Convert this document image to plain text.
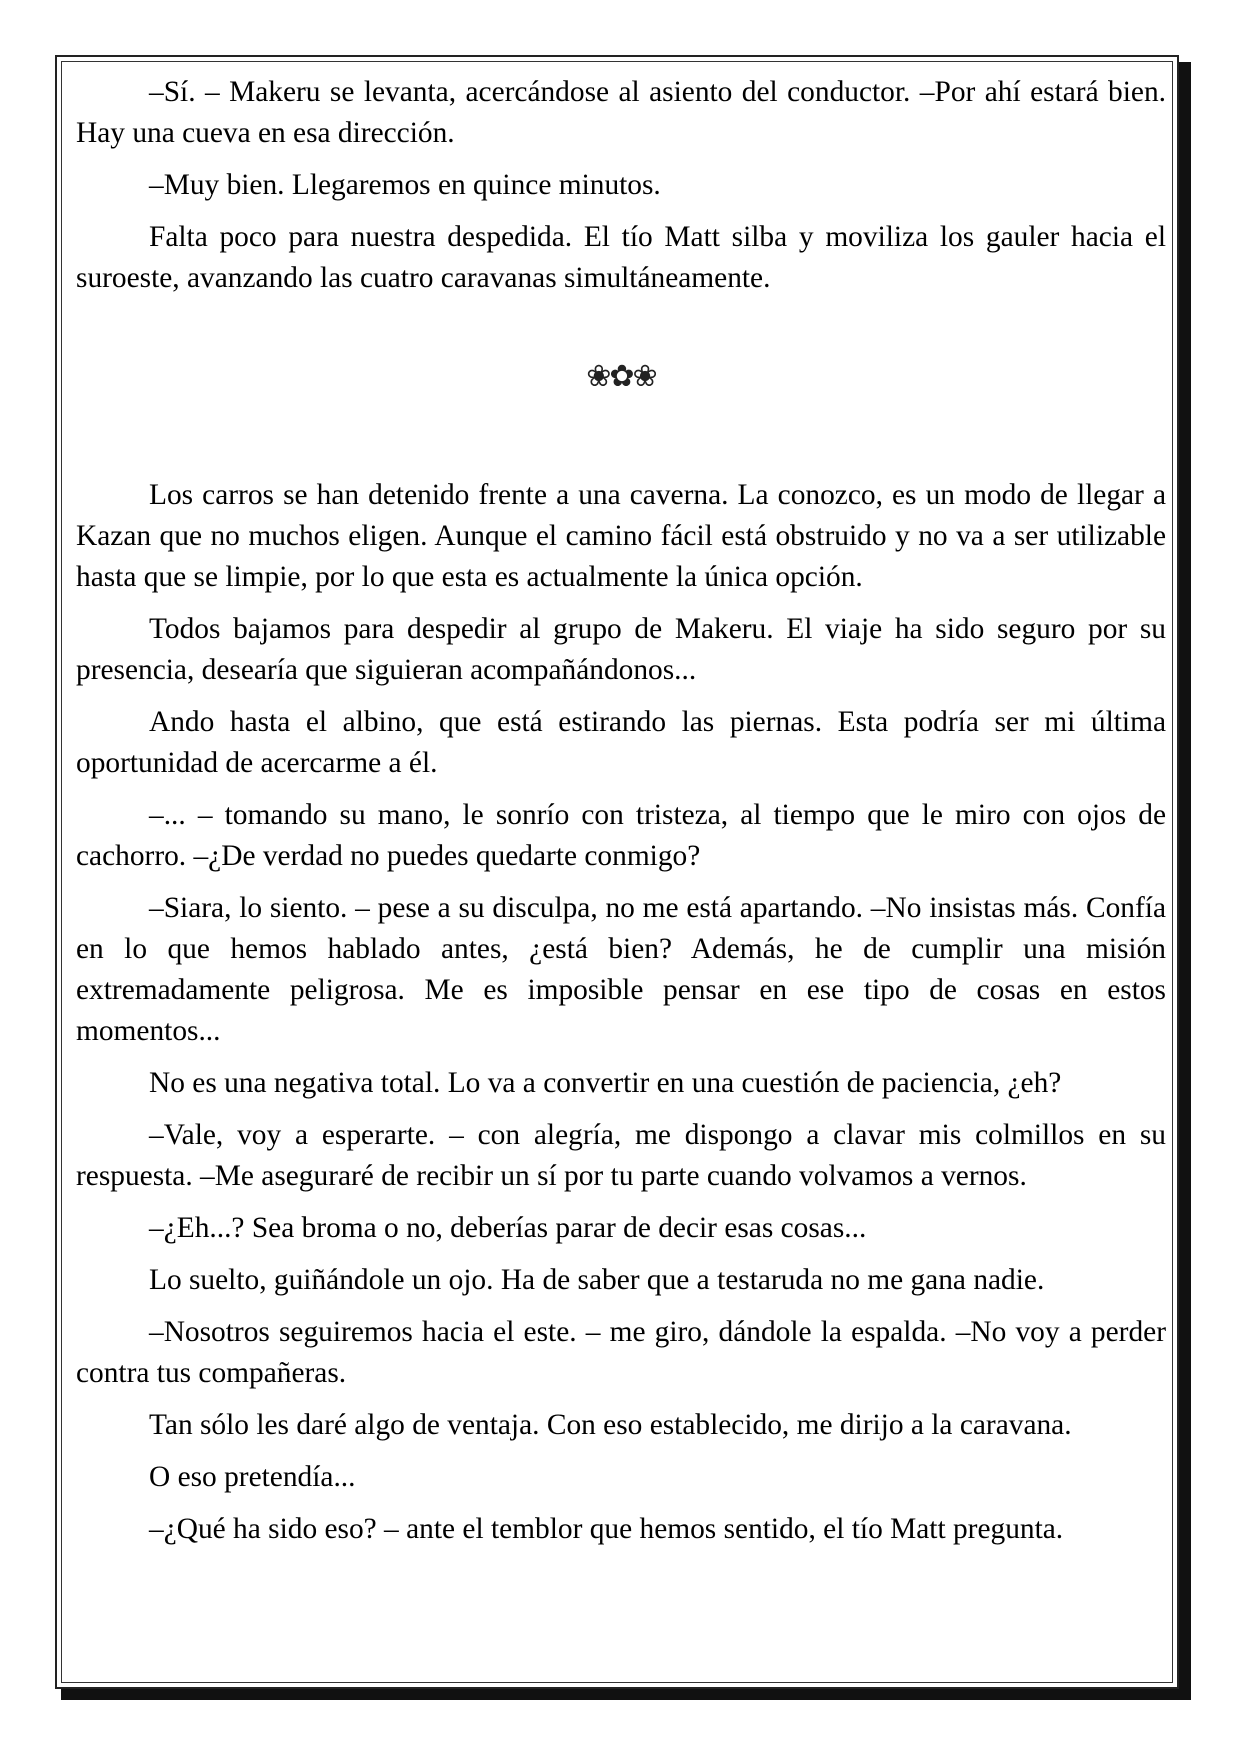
–Sí. – Makeru se levanta, acercándose al asiento del conductor. –Por ahí estará bien. Hay una cueva en esa dirección.

–Muy bien. Llegaremos en quince minutos.

Falta poco para nuestra despedida. El tío Matt silba y moviliza los gauler hacia el suroeste, avanzando las cuatro caravanas simultáneamente.

❀✿❀

Los carros se han detenido frente a una caverna. La conozco, es un modo de llegar a Kazan que no muchos eligen. Aunque el camino fácil está obstruido y no va a ser utilizable hasta que se limpie, por lo que esta es actualmente la única opción.

Todos bajamos para despedir al grupo de Makeru. El viaje ha sido seguro por su presencia, desearía que siguieran acompañándonos...

Ando hasta el albino, que está estirando las piernas. Esta podría ser mi última oportunidad de acercarme a él.

–... – tomando su mano, le sonrío con tristeza, al tiempo que le miro con ojos de cachorro. –¿De verdad no puedes quedarte conmigo?

–Siara, lo siento. – pese a su disculpa, no me está apartando. –No insistas más. Confía en lo que hemos hablado antes, ¿está bien? Además, he de cumplir una misión extremadamente peligrosa. Me es imposible pensar en ese tipo de cosas en estos momentos...

No es una negativa total. Lo va a convertir en una cuestión de paciencia, ¿eh?

–Vale, voy a esperarte. – con alegría, me dispongo a clavar mis colmillos en su respuesta. –Me aseguraré de recibir un sí por tu parte cuando volvamos a vernos.

–¿Eh...? Sea broma o no, deberías parar de decir esas cosas...

Lo suelto, guiñándole un ojo. Ha de saber que a testaruda no me gana nadie.

–Nosotros seguiremos hacia el este. – me giro, dándole la espalda. –No voy a perder contra tus compañeras.

Tan sólo les daré algo de ventaja. Con eso establecido, me dirijo a la caravana.

O eso pretendía...

–¿Qué ha sido eso? – ante el temblor que hemos sentido, el tío Matt pregunta.
